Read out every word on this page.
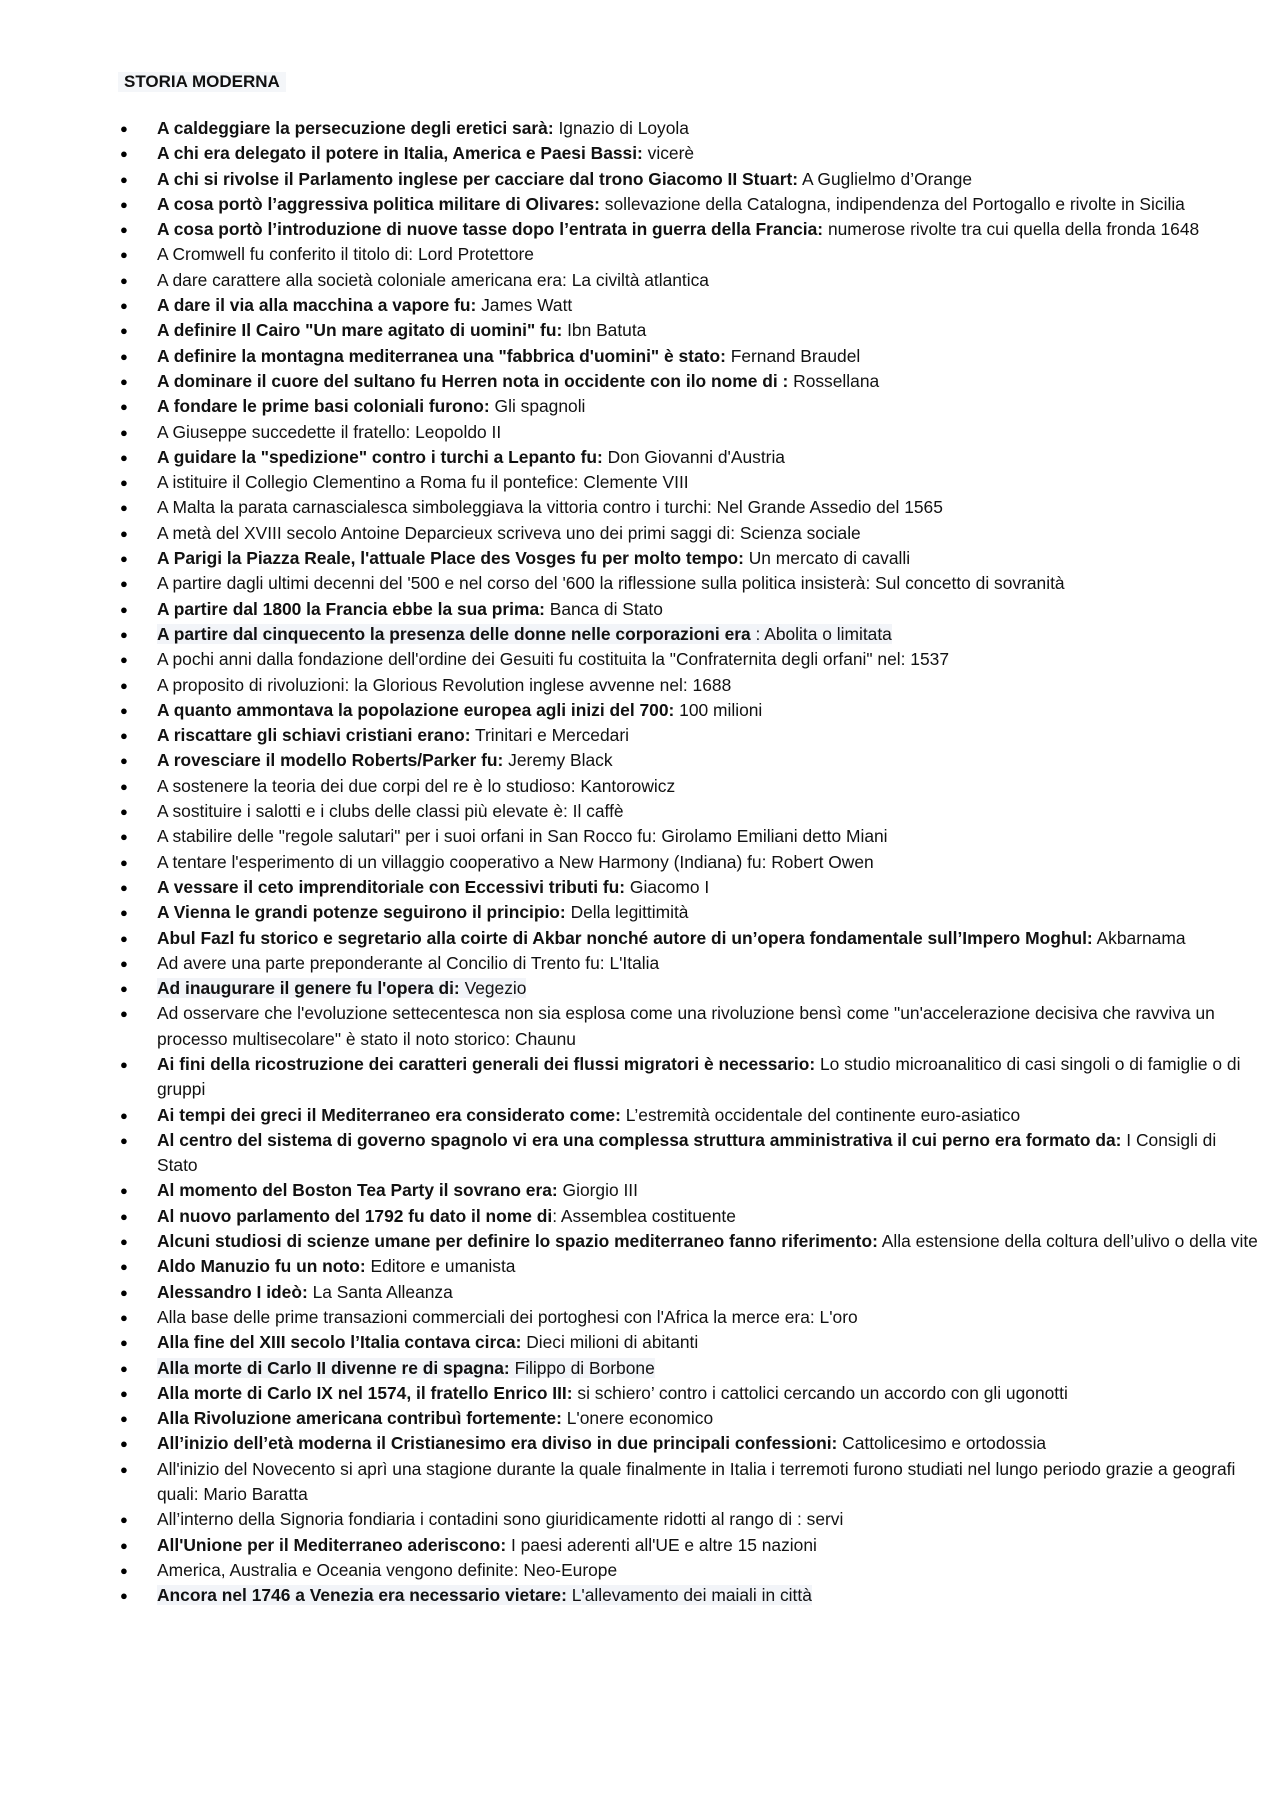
STORIA MODERNA
● A caldeggiare la persecuzione degli eretici sarà: Ignazio di Loyola
● A chi era delegato il potere in Italia, America e Paesi Bassi: vicerè
● A chi si rivolse il Parlamento inglese per cacciare dal trono Giacomo II Stuart: A Guglielmo d’Orange
● A cosa portò l’aggressiva politica militare di Olivares: sollevazione della Catalogna, indipendenza del Portogallo e rivolte in Sicilia
● A cosa portò l’introduzione di nuove tasse dopo l’entrata in guerra della Francia: numerose rivolte tra cui quella della fronda 1648
● A Cromwell fu conferito il titolo di: Lord Protettore
● A dare carattere alla società coloniale americana era: La civiltà atlantica
● A dare il via alla macchina a vapore fu: James Watt
● A definire Il Cairo "Un mare agitato di uomini" fu: Ibn Batuta
● A definire la montagna mediterranea una "fabbrica d'uomini" è stato: Fernand Braudel
● A dominare il cuore del sultano fu Herren nota in occidente con ilo nome di : Rossellana
● A fondare le prime basi coloniali furono: Gli spagnoli
● A Giuseppe succedette il fratello: Leopoldo II
● A guidare la "spedizione" contro i turchi a Lepanto fu: Don Giovanni d'Austria
● A istituire il Collegio Clementino a Roma fu il pontefice: Clemente VIII
● A Malta la parata carnascialesca simboleggiava la vittoria contro i turchi: Nel Grande Assedio del 1565
● A metà del XVIII secolo Antoine Deparcieux scriveva uno dei primi saggi di: Scienza sociale
● A Parigi la Piazza Reale, l'attuale Place des Vosges fu per molto tempo: Un mercato di cavalli
● A partire dagli ultimi decenni del '500 e nel corso del '600 la riflessione sulla politica insisterà: Sul concetto di sovranità
● A partire dal 1800 la Francia ebbe la sua prima: Banca di Stato
● A partire dal cinquecento la presenza delle donne nelle corporazioni era : Abolita o limitata
● A pochi anni dalla fondazione dell'ordine dei Gesuiti fu costituita la "Confraternita degli orfani" nel: 1537
● A proposito di rivoluzioni: la Glorious Revolution inglese avvenne nel: 1688
● A quanto ammontava la popolazione europea agli inizi del 700: 100 milioni
● A riscattare gli schiavi cristiani erano: Trinitari e Mercedari
● A rovesciare il modello Roberts/Parker fu: Jeremy Black
● A sostenere la teoria dei due corpi del re è lo studioso: Kantorowicz
● A sostituire i salotti e i clubs delle classi più elevate è: Il caffè
● A stabilire delle "regole salutari" per i suoi orfani in San Rocco fu: Girolamo Emiliani detto Miani
● A tentare l'esperimento di un villaggio cooperativo a New Harmony (Indiana) fu: Robert Owen
● A vessare il ceto imprenditoriale con Eccessivi tributi fu: Giacomo I
● A Vienna le grandi potenze seguirono il principio: Della legittimità
● Abul Fazl fu storico e segretario alla coirte di Akbar nonché autore di un’opera fondamentale sull’Impero Moghul: Akbarnama
● Ad avere una parte preponderante al Concilio di Trento fu: L'Italia
● Ad inaugurare il genere fu l'opera di: Vegezio
● Ad osservare che l'evoluzione settecentesca non sia esplosa come una rivoluzione bensì come "un'accelerazione decisiva che ravviva un processo multisecolare" è stato il noto storico: Chaunu
● Ai fini della ricostruzione dei caratteri generali dei flussi migratori è necessario: Lo studio microanalitico di casi singoli o di famiglie o di gruppi
● Ai tempi dei greci il Mediterraneo era considerato come: L’estremità occidentale del continente euro-asiatico
● Al centro del sistema di governo spagnolo vi era una complessa struttura amministrativa il cui perno era formato da: I Consigli di Stato
● Al momento del Boston Tea Party il sovrano era: Giorgio III
● Al nuovo parlamento del 1792 fu dato il nome di: Assemblea costituente
● Alcuni studiosi di scienze umane per definire lo spazio mediterraneo fanno riferimento: Alla estensione della coltura dell’ulivo o della vite
● Aldo Manuzio fu un noto: Editore e umanista
● Alessandro I ideò: La Santa Alleanza
● Alla base delle prime transazioni commerciali dei portoghesi con l'Africa la merce era: L'oro
● Alla fine del XIII secolo l’Italia contava circa: Dieci milioni di abitanti
● Alla morte di Carlo II divenne re di spagna: Filippo di Borbone
● Alla morte di Carlo IX nel 1574, il fratello Enrico III: si schiero’ contro i cattolici cercando un accordo con gli ugonotti
● Alla Rivoluzione americana contribuì fortemente: L'onere economico
● All’inizio dell’età moderna il Cristianesimo era diviso in due principali confessioni: Cattolicesimo e ortodossia
● All'inizio del Novecento si aprì una stagione durante la quale finalmente in Italia i terremoti furono studiati nel lungo periodo grazie a geografi quali: Mario Baratta
● All’interno della Signoria fondiaria i contadini sono giuridicamente ridotti al rango di : servi
● All'Unione per il Mediterraneo aderiscono: I paesi aderenti all'UE e altre 15 nazioni
● America, Australia e Oceania vengono definite: Neo-Europe
● Ancora nel 1746 a Venezia era necessario vietare: L'allevamento dei maiali in città
